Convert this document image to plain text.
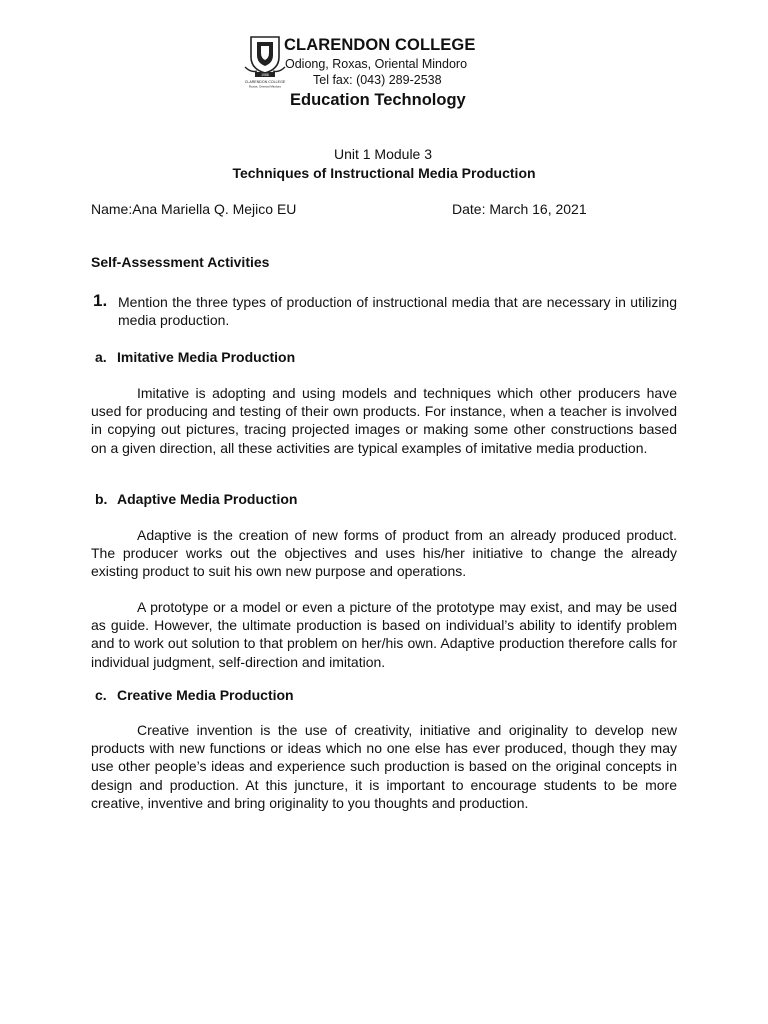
1988
CLARENDON COLLEGE
Roxas, Oriental Mindoro
CLARENDON COLLEGE
Odiong, Roxas, Oriental Mindoro
Tel fax: (043) 289-2538
Education Technology
Unit 1 Module 3
Techniques of Instructional Media Production
Name:Ana Mariella Q. Mejico EU	Date: March 16, 2021
Self-Assessment Activities
1. Mention the three types of production of instructional media that are necessary in utilizing media production.
a. Imitative Media Production

Imitative is adopting and using models and techniques which other producers have used for producing and testing of their own products. For instance, when a teacher is involved in copying out pictures, tracing projected images or making some other constructions based on a given direction, all these activities are typical examples of imitative media production.

b. Adaptive Media Production

Adaptive is the creation of new forms of product from an already produced product. The producer works out the objectives and uses his/her initiative to change the already existing product to suit his own new purpose and operations.

A prototype or a model or even a picture of the prototype may exist, and may be used as guide. However, the ultimate production is based on individual’s ability to identify problem and to work out solution to that problem on her/his own. Adaptive production therefore calls for individual judgment, self-direction and imitation.

c. Creative Media Production

Creative invention is the use of creativity, initiative and originality to develop new products with new functions or ideas which no one else has ever produced, though they may use other people’s ideas and experience such production is based on the original concepts in design and production. At this juncture, it is important to encourage students to be more creative, inventive and bring originality to you thoughts and production.
